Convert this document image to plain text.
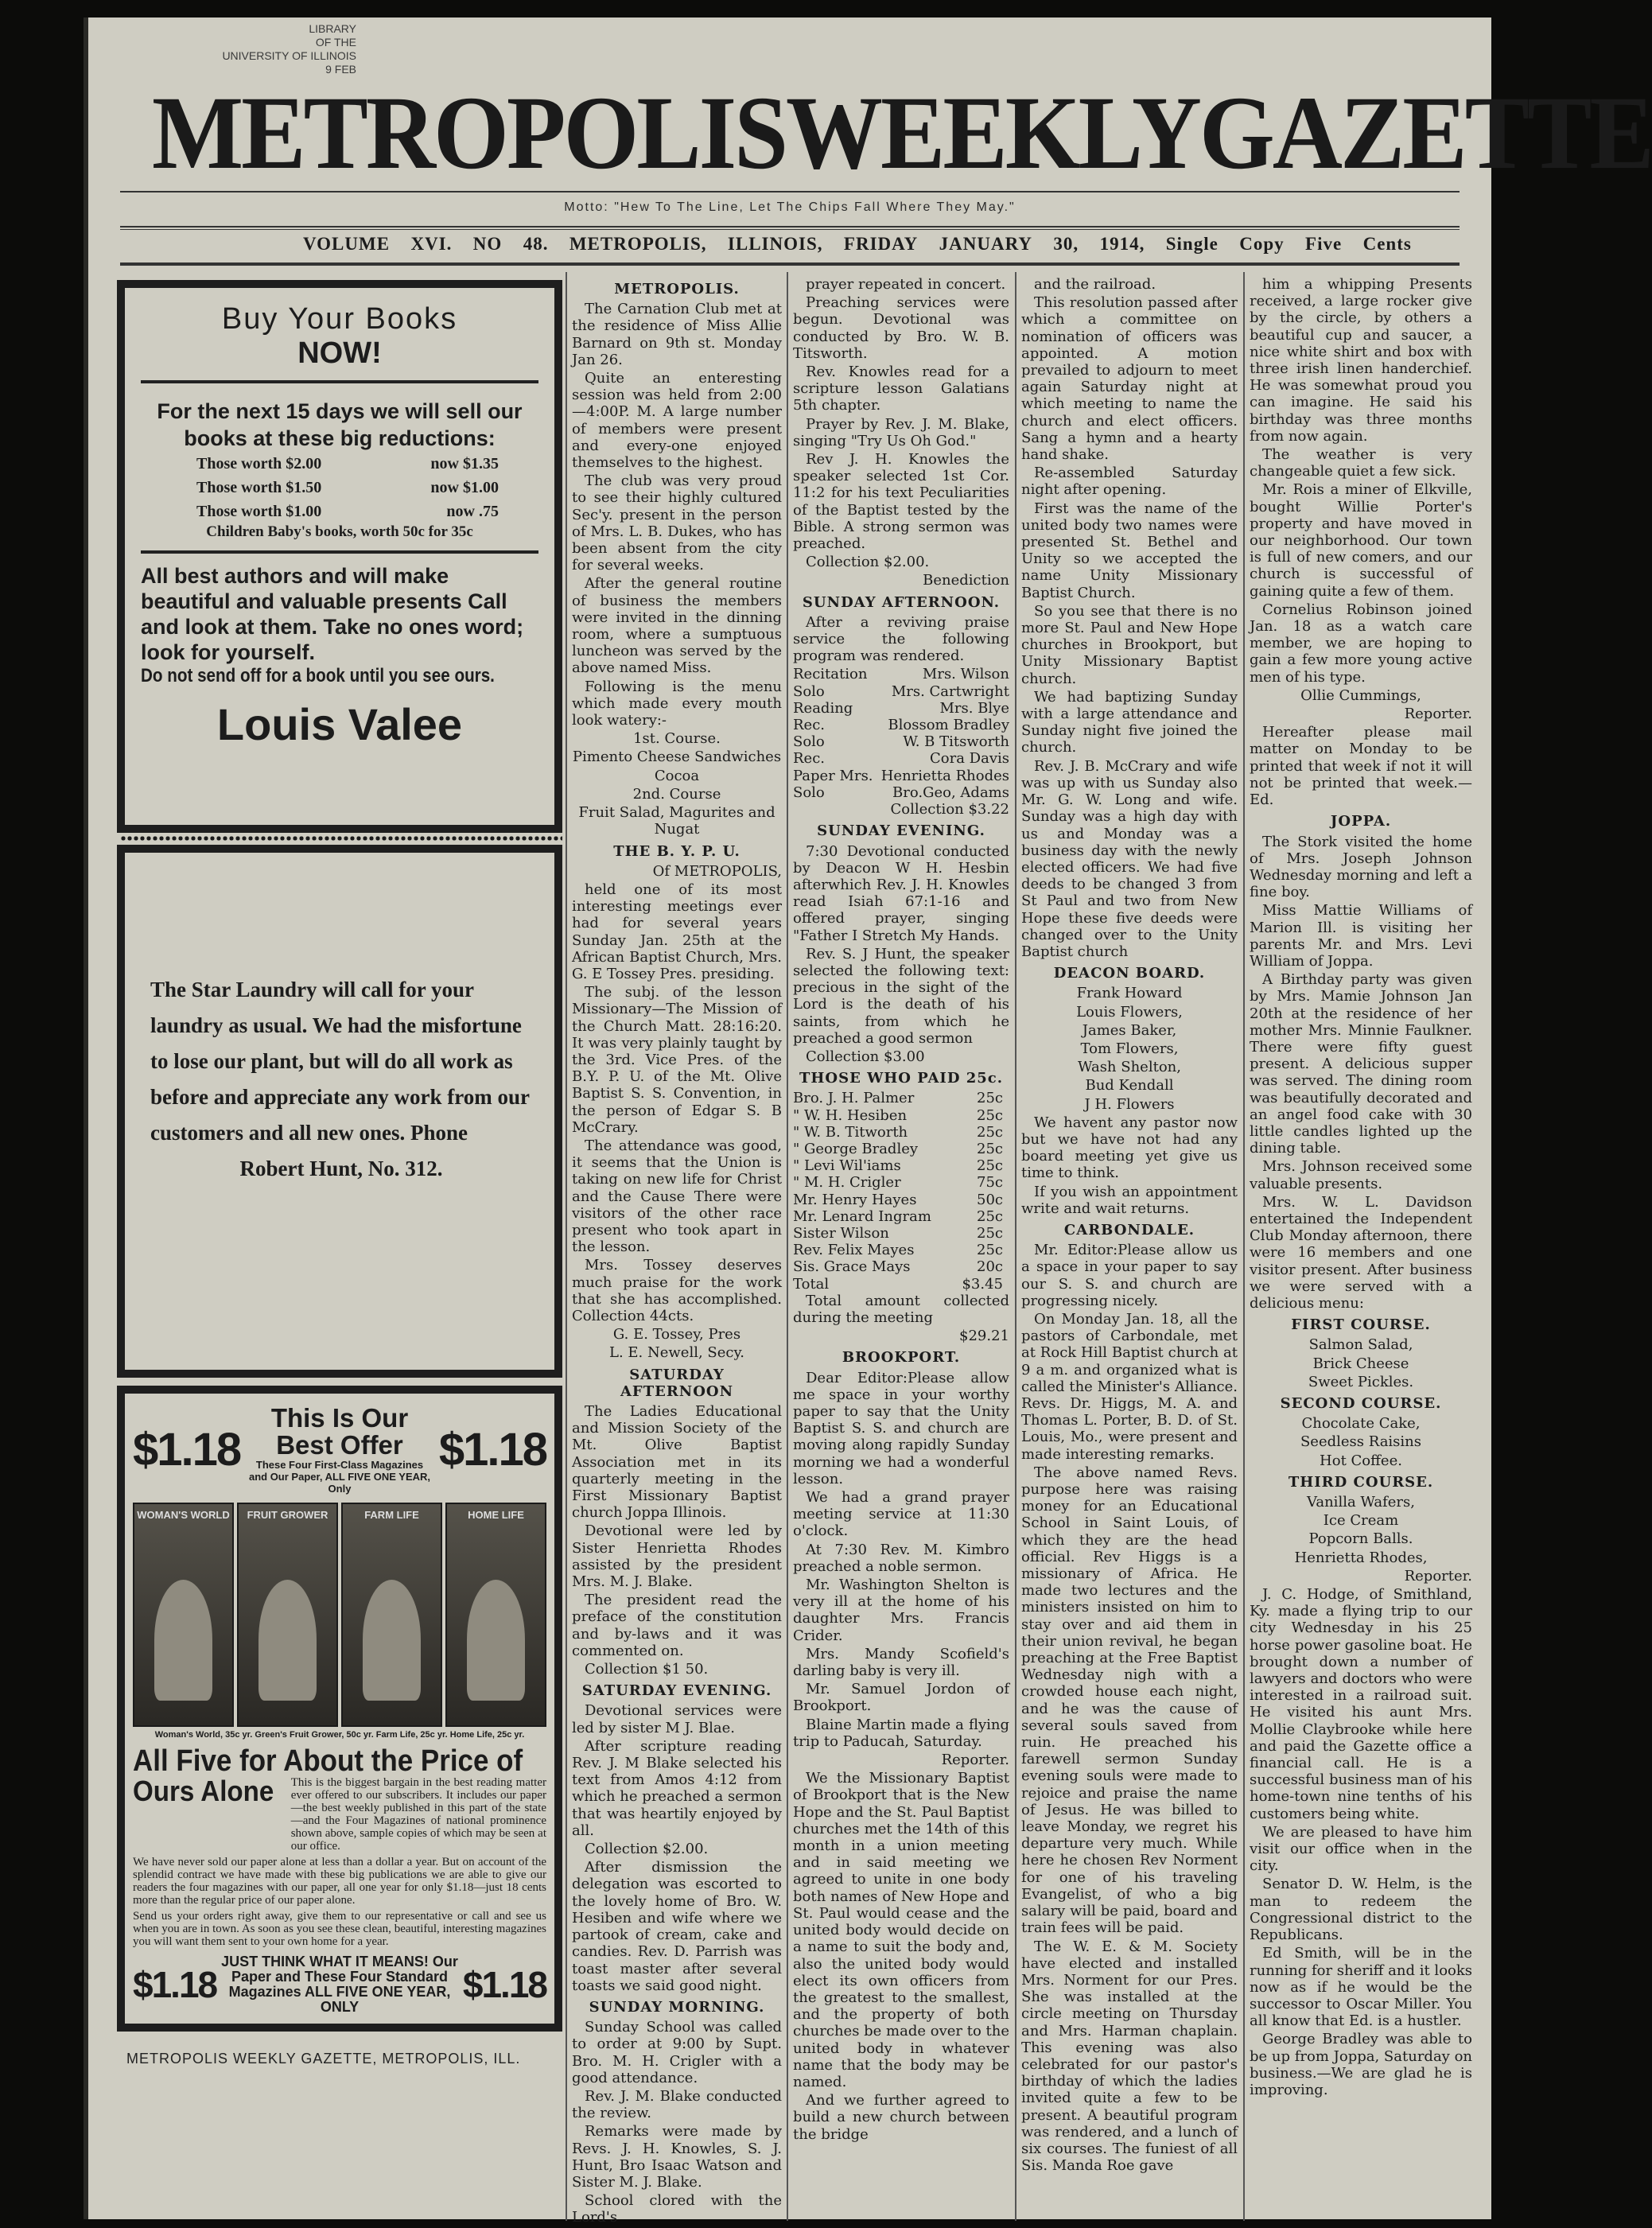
LIBRARY
OF THE
UNIVERSITY OF ILLINOIS
9 FEB
METROPOLIS WEEKLY GAZETTE
Motto: "Hew To The Line, Let The Chips Fall Where They May."
VOLUME XVI. NO 48. METROPOLIS, ILLINOIS, FRIDAY JANUARY 30, 1914, Single Copy Five Cents
Buy Your Books
NOW!
For the next 15 days we will sell our books at these big reductions:
Those worth $2.00	now $1.35
Those worth $1.50	now $1.00
Those worth $1.00	now .75
Children Baby's books, worth 50c for 35c
All best authors and will make beautiful and valuable presents Call and look at them. Take no ones word; look for yourself.
Do not send off for a book until you see ours.
Louis Valee
The Star Laundry will call for your laundry as usual. We had the misfortune to lose our plant, but will do all work as before and appreciate any work from our customers and all new ones. Phone
Robert Hunt, No. 312.
$1.18
This Is Our Best Offer
These Four First-Class Magazines and Our Paper, ALL FIVE ONE YEAR, Only
$1.18
WOMAN'S WORLD	FRUIT GROWER	FARM LIFE	HOME LIFE
Woman's World, 35c yr. Green's Fruit Grower, 50c yr. Farm Life, 25c yr. Home Life, 25c yr.
All Five for About the Price of
Ours Alone This is the biggest bargain in the best reading matter ever offered to our subscribers. It includes our paper—the best weekly published in this part of the state—and the Four Magazines of national prominence shown above, sample copies of which may be seen at our office.
We have never sold our paper alone at less than a dollar a year. But on account of the splendid contract we have made with these big publications we are able to give our readers the four magazines with our paper, all one year for only $1.18—just 18 cents more than the regular price of our paper alone.
Send us your orders right away, give them to our representative or call and see us when you are in town. As soon as you see these clean, beautiful, interesting magazines you will want them sent to your own home for a year.
$1.18
JUST THINK WHAT IT MEANS! Our Paper and These Four Standard Magazines ALL FIVE ONE YEAR, ONLY
$1.18
METROPOLIS WEEKLY GAZETTE, METROPOLIS, ILL.
METROPOLIS.

The Carnation Club met at the residence of Miss Allie Barnard on 9th st. Monday Jan 26.

Quite an enteresting session was held from 2:00—4:00P. M. A large number of members were present and every-one enjoyed themselves to the highest.

The club was very proud to see their highly cultured Sec'y. present in the person of Mrs. L. B. Dukes, who has been absent from the city for several weeks.

After the general routine of business the members were invited in the dinning room, where a sumptuous luncheon was served by the above named Miss.

Following is the menu which made every mouth look watery:-

1st. Course.

Pimento Cheese Sandwiches

Cocoa

2nd. Course

Fruit Salad, Magurites and Nugat

THE B. Y. P. U.

Of METROPOLIS,

held one of its most interesting meetings ever had for several years Sunday Jan. 25th at the African Baptist Church, Mrs. G. E Tossey Pres. presiding.

The subj. of the lesson Missionary—The Mission of the Church Matt. 28:16:20. It was very plainly taught by the 3rd. Vice Pres. of the B.Y. P. U. of the Mt. Olive Baptist S. S. Convention, in the person of Edgar S. B McCrary.

The attendance was good, it seems that the Union is taking on new life for Christ and the Cause There were visitors of the other race present who took apart in the lesson.

Mrs. Tossey deserves much praise for the work that she has accomplished. Collection 44cts.

G. E. Tossey, Pres

L. E. Newell, Secy.

SATURDAY AFTERNOON

The Ladies Educational and Mission Society of the Mt. Olive Baptist Association met in its quarterly meeting in the First Missionary Baptist church Joppa Illinois.

Devotional were led by Sister Henrietta Rhodes assisted by the president Mrs. M. J. Blake.

The president read the preface of the constitution and by-laws and it was commented on.

Collection $1 50.

SATURDAY EVENING.

Devotional services were led by sister M J. Blae.

After scripture reading Rev. J. M Blake selected his text from Amos 4:12 from which he preached a sermon that was heartily enjoyed by all.

Collection $2.00.

After dismission the delegation was escorted to the lovely home of Bro. W. Hesiben and wife where we partook of cream, cake and candies. Rev. D. Parrish was toast master after several toasts we said good night.

SUNDAY MORNING.

Sunday School was called to order at 9:00 by Supt. Bro. M. H. Crigler with a good attendance.

Rev. J. M. Blake conducted the review.

Remarks were made by Revs. J. H. Knowles, S. J. Hunt, Bro Isaac Watson and Sister M. J. Blake.

School clored with the Lord's

prayer repeated in concert.

Preaching services were begun. Devotional was conducted by Bro. W. B. Titsworth.

Rev. Knowles read for a scripture lesson Galatians 5th chapter.

Prayer by Rev. J. M. Blake, singing "Try Us Oh God."

Rev J. H. Knowles the speaker selected 1st Cor. 11:2 for his text Peculiarities of the Baptist tested by the Bible. A strong sermon was preached.

Collection $2.00.

Benediction

SUNDAY AFTERNOON.

After a reviving praise service the following program was rendered.

Recitation	Mrs. Wilson
Solo	Mrs. Cartwright
Reading	Mrs. Blye
Rec.	Blossom Bradley
Solo	W. B Titsworth
Rec.	Cora Davis
Paper Mrs. Henrietta Rhodes
Solo	Bro.Geo, Adams

Collection $3.22

SUNDAY EVENING.

7:30 Devotional conducted by Deacon W H. Hesbin afterwhich Rev. J. H. Knowles read Isiah 67:1-16 and offered prayer, singing "Father I Stretch My Hands.

Rev. S. J Hunt, the speaker selected the following text: precious in the sight of the Lord is the death of his saints, from which he preached a good sermon

Collection $3.00

THOSE WHO PAID 25c.
Bro. J. H. Palmer	25c
" W. H. Hesiben	25c
" W. B. Titworth	25c
" George Bradley	25c
" Levi Wil'iams	25c
" M. H. Crigler	75c
Mr. Henry Hayes	50c
Mr. Lenard Ingram	25c
Sister Wilson	25c
Rev. Felix Mayes	25c
Sis. Grace Mays	20c
Total	$3.45

Total amount collected during the meeting

$29.21

BROOKPORT.

Dear Editor:Please allow me space in your worthy paper to say that the Unity Baptist S. S. and church are moving along rapidly Sunday morning we had a wonderful lesson.

We had a grand prayer meeting service at 11:30 o'clock.

At 7:30 Rev. M. Kimbro preached a noble sermon.

Mr. Washington Shelton is very ill at the home of his daughter Mrs. Francis Crider.

Mrs. Mandy Scofield's darling baby is very ill.

Mr. Samuel Jordon of Brookport.

Blaine Martin made a flying trip to Paducah, Saturday.

Reporter.

We the Missionary Baptist of Brookport that is the New Hope and the St. Paul Baptist churches met the 14th of this month in a union meeting and in said meeting we agreed to unite in one body both names of New Hope and St. Paul would cease and the united body would decide on a name to suit the body and, also the united body would elect its own officers from the greatest to the smallest, and the property of both churches be made over to the united body in whatever name that the body may be named.

And we further agreed to build a new church between the bridge

and the railroad.

This resolution passed after which a committee on nomination of officers was appointed. A motion prevailed to adjourn to meet again Saturday night at which meeting to name the church and elect officers. Sang a hymn and a hearty hand shake.

Re-assembled Saturday night after opening.

First was the name of the united body two names were presented St. Bethel and Unity so we accepted the name Unity Missionary Baptist Church.

So you see that there is no more St. Paul and New Hope churches in Brookport, but Unity Missionary Baptist church.

We had baptizing Sunday with a large attendance and Sunday night five joined the church.

Rev. J. B. McCrary and wife was up with us Sunday also Mr. G. W. Long and wife. Sunday was a high day with us and Monday was a business day with the newly elected officers. We had five deeds to be changed 3 from St Paul and two from New Hope these five deeds were changed over to the Unity Baptist church

DEACON BOARD.

Frank Howard

Louis Flowers,

James Baker,

Tom Flowers,

Wash Shelton,

Bud Kendall

J H. Flowers

We havent any pastor now but we have not had any board meeting yet give us time to think.

If you wish an appointment write and wait returns.

CARBONDALE.

Mr. Editor:Please allow us a space in your paper to say our S. S. and church are progressing nicely.

On Monday Jan. 18, all the pastors of Carbondale, met at Rock Hill Baptist church at 9 a m. and organized what is called the Minister's Alliance. Revs. Dr. Higgs, M. A. and Thomas L. Porter, B. D. of St. Louis, Mo., were present and made interesting remarks.

The above named Revs. purpose here was raising money for an Educational School in Saint Louis, of which they are the head official. Rev Higgs is a missionary of Africa. He made two lectures and the ministers insisted on him to stay over and aid them in their union revival, he began preaching at the Free Baptist Wednesday nigh with a crowded house each night, and he was the cause of several souls saved from ruin. He preached his farewell sermon Sunday evening souls were made to rejoice and praise the name of Jesus. He was billed to leave Monday, we regret his departure very much. While here he chosen Rev Norment for one of his traveling Evangelist, of who a big salary will be paid, board and train fees will be paid.

The W. E. & M. Society have elected and installed Mrs. Norment for our Pres. She was installed at the circle meeting on Thursday and Mrs. Harman chaplain. This evening was also celebrated for our pastor's birthday of which the ladies invited quite a few to be present. A beautiful program was rendered, and a lunch of six courses. The funiest of all Sis. Manda Roe gave

him a whipping Presents received, a large rocker give by the circle, by others a beautiful cup and saucer, a nice white shirt and box with three irish linen handerchief. He was somewhat proud you can imagine. He said his birthday was three months from now again.

The weather is very changeable quiet a few sick.

Mr. Rois a miner of Elkville, bought Willie Porter's property and have moved in our neighborhood. Our town is full of new comers, and our church is successful of gaining quite a few of them.

Cornelius Robinson joined Jan. 18 as a watch care member, we are hoping to gain a few more young active men of his type.

Ollie Cummings,

Reporter.

Hereafter please mail matter on Monday to be printed that week if not it will not be printed that week.—Ed.

JOPPA.

The Stork visited the home of Mrs. Joseph Johnson Wednesday morning and left a fine boy.

Miss Mattie Williams of Marion Ill. is visiting her parents Mr. and Mrs. Levi William of Joppa.

A Birthday party was given by Mrs. Mamie Johnson Jan 20th at the residence of her mother Mrs. Minnie Faulkner. There were fifty guest present. A delicious supper was served. The dining room was beautifully decorated and an angel food cake with 30 little candles lighted up the dining table.

Mrs. Johnson received some valuable presents.

Mrs. W. L. Davidson entertained the Independent Club Monday afternoon, there were 16 members and one visitor present. After business we were served with a delicious menu:

FIRST COURSE.

Salmon Salad,

Brick Cheese

Sweet Pickles.

SECOND COURSE.

Chocolate Cake,

Seedless Raisins

Hot Coffee.

THIRD COURSE.

Vanilla Wafers,

Ice Cream

Popcorn Balls.

Henrietta Rhodes,

Reporter.

J. C. Hodge, of Smithland, Ky. made a flying trip to our city Wednesday in his 25 horse power gasoline boat. He brought down a number of lawyers and doctors who were interested in a railroad suit. He visited his aunt Mrs. Mollie Claybrooke while here and paid the Gazette office a financial call. He is a successful business man of his home-town nine tenths of his customers being white.

We are pleased to have him visit our office when in the city.

Senator D. W. Helm, is the man to redeem the Congressional district to the Republicans.

Ed Smith, will be in the running for sheriff and it looks now as if he would be the successor to Oscar Miller. You all know that Ed. is a hustler.

George Bradley was able to be up from Joppa, Saturday on business.—We are glad he is improving.
